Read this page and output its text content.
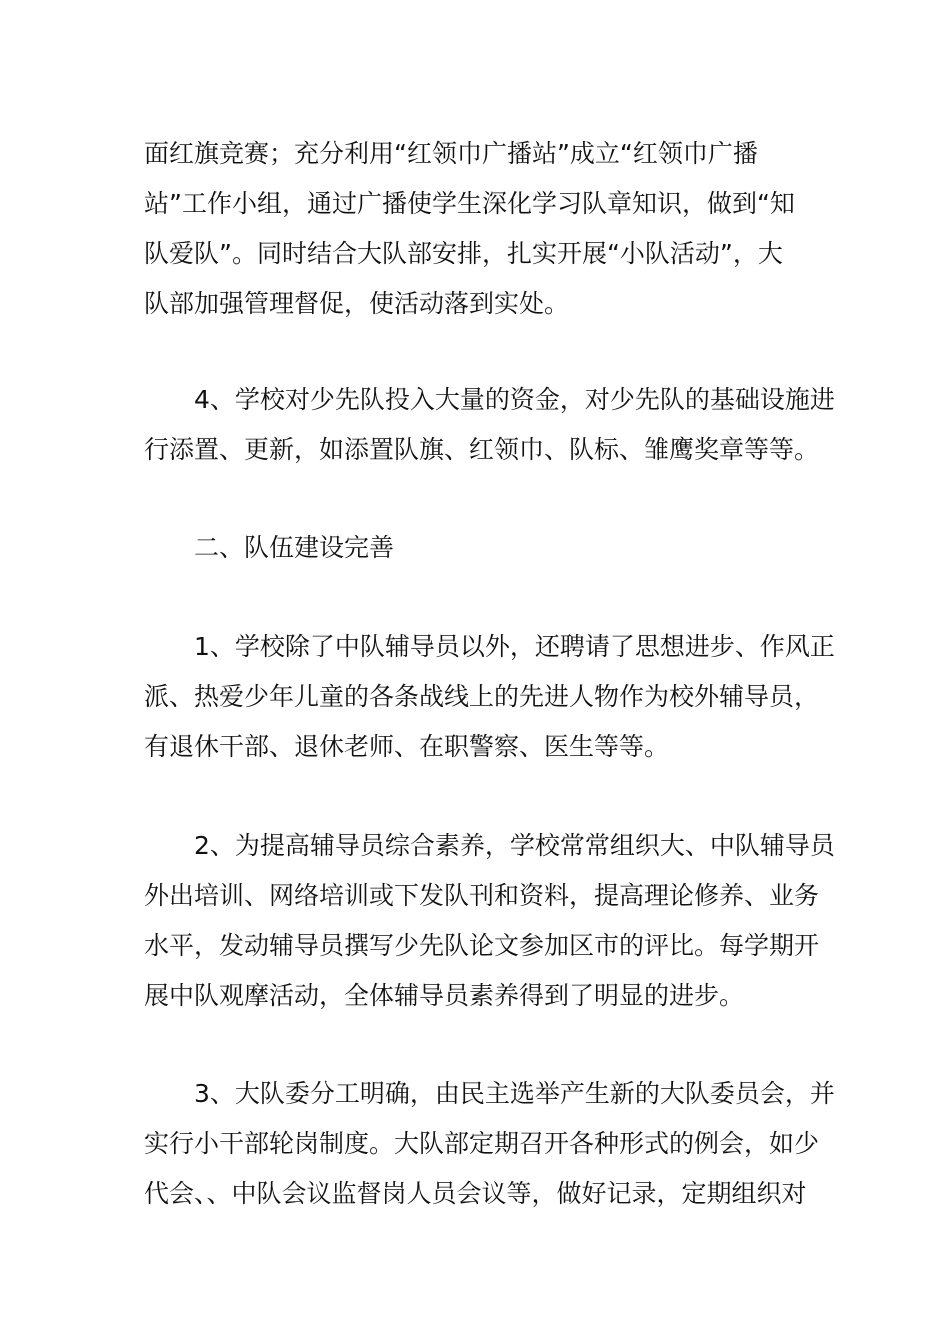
面红旗竞赛；充分利用“红领巾广播站”成立“红领巾广播
站”工作小组，通过广播使学生深化学习队章知识，做到“知
队爱队”。同时结合大队部安排，扎实开展“小队活动”，大
队部加强管理督促，使活动落到实处。
4、学校对少先队投入大量的资金，对少先队的基础设施进
行添置、更新，如添置队旗、红领巾、队标、雏鹰奖章等等。
二、队伍建设完善
1、学校除了中队辅导员以外，还聘请了思想进步、作风正
派、热爱少年儿童的各条战线上的先进人物作为校外辅导员，
有退休干部、退休老师、在职警察、医生等等。
2、为提高辅导员综合素养，学校常常组织大、中队辅导员
外出培训、网络培训或下发队刊和资料，提高理论修养、业务
水平，发动辅导员撰写少先队论文参加区市的评比。每学期开
展中队观摩活动，全体辅导员素养得到了明显的进步。
3、大队委分工明确，由民主选举产生新的大队委员会，并
实行小干部轮岗制度。大队部定期召开各种形式的例会，如少
代会、、中队会议监督岗人员会议等，做好记录，定期组织对
